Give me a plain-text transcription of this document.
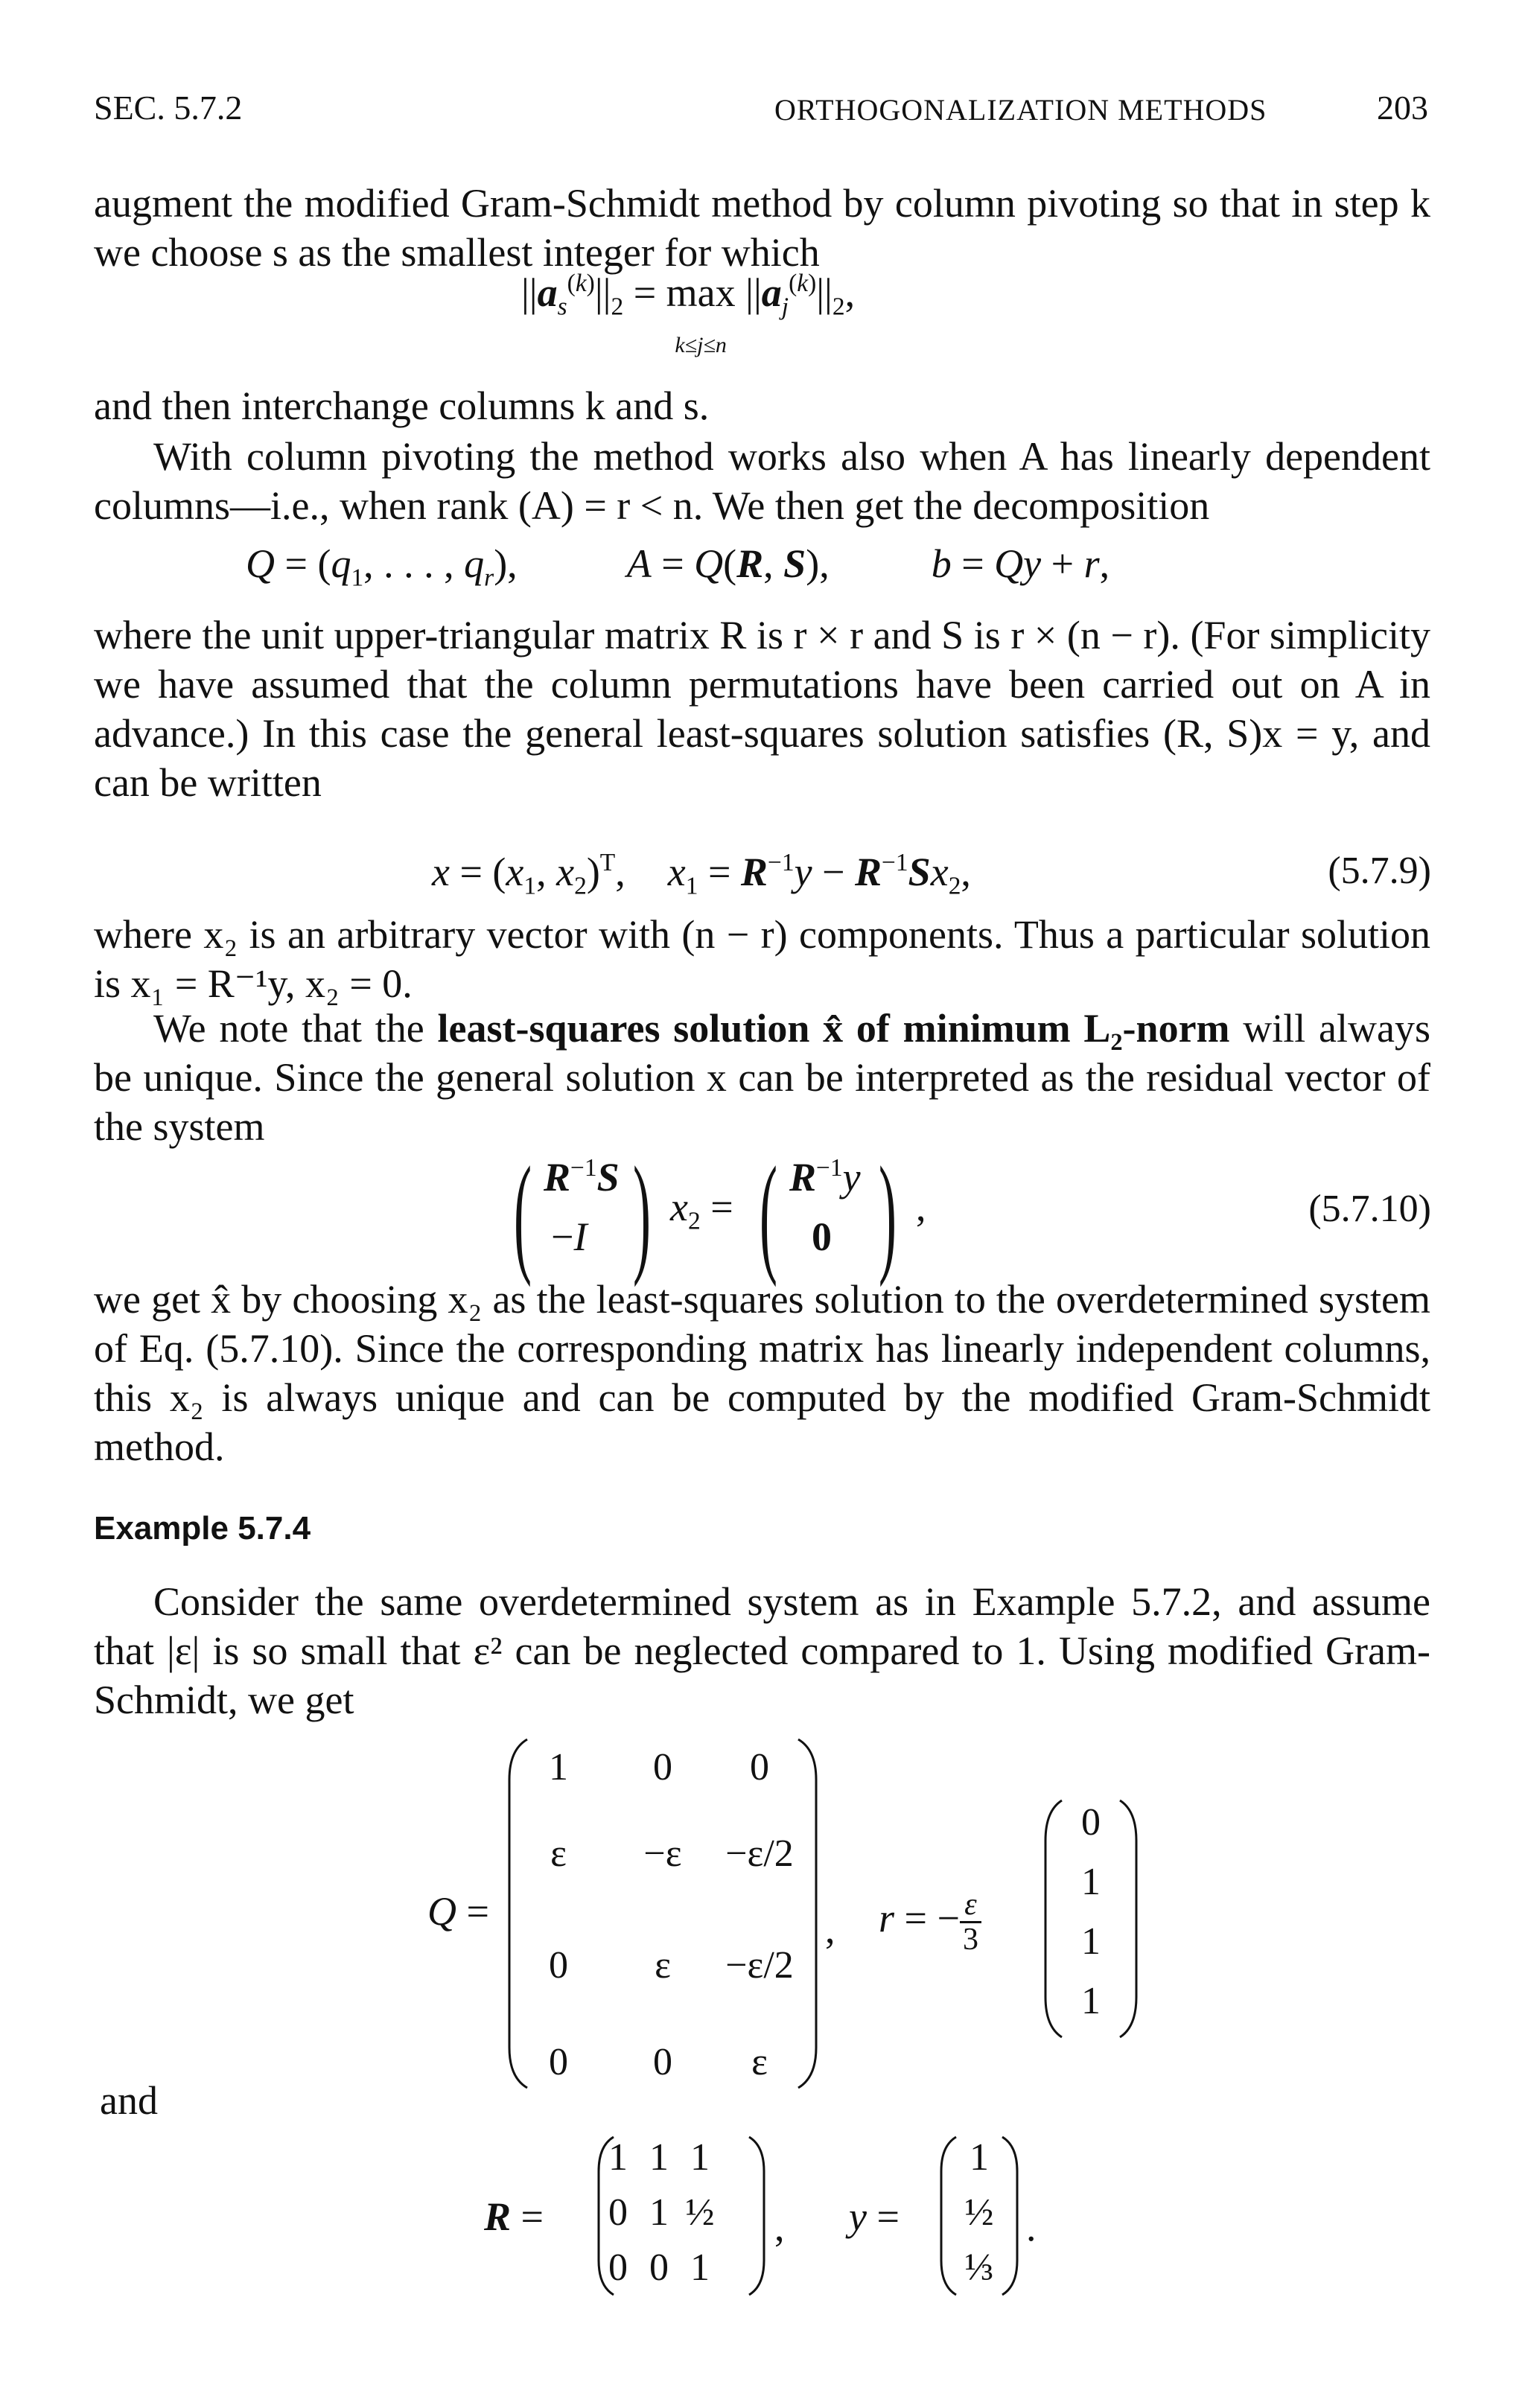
SEC. 5.7.2	ORTHOGONALIZATION METHODS	203
augment the modified Gram-Schmidt method by column pivoting so that in step k we choose s as the smallest integer for which
$||a_s^{(k)}||_2 = \max$
k≤j≤n $||a_j^{(k)}||_2$,
and then interchange columns k and s.
With column pivoting the method works also when A has linearly dependent columns—i.e., when rank (A) = r < n. We then get the decomposition
$Q = (q_1$, . . . , $q_r$),  A = Q(R, S),  b = Qy + r,
where the unit upper-triangular matrix R is r × r and S is r × (n − r). (For simplicity we have assumed that the column permutations have been carried out on A in advance.) In this case the general least-squares solution satisfies (R, S)x = y, and can be written
$x = (x_1$, $x_2)^T$,  $x_1 = R^{-1}y - R^{-1}Sx_2$,	(5.7.9)
where x₂ is an arbitrary vector with (n − r) components. Thus a particular solution is x₁ = R⁻¹y, x₂ = 0.
We note that the least-squares solution x̂ of minimum L₂-norm will always be unique. Since the general solution x can be interpreted as the residual vector of the system
( $R^{-1}S$
−I ) $x_2$ = ( $R^{-1}y$
0 ) ,	(5.7.10)
we get x̂ by choosing x₂ as the least-squares solution to the overdetermined system of Eq. (5.7.10). Since the corresponding matrix has linearly independent columns, this x₂ is always unique and can be computed by the modified Gram-Schmidt method.
Example 5.7.4
Consider the same overdetermined system as in Example 5.7.2, and assume that |ε| is so small that ε² can be neglected compared to 1. Using modified Gram-Schmidt, we get
Q =
1	0	0
ε	−ε	−ε/2
0	ε	−ε/2
0	0	ε
, r = − $\frac{\varepsilon}{3}$
0
1
1
1
and
R =
1 1 1
0 1 ½
0 0 1
, y =
1
½
⅓
.
